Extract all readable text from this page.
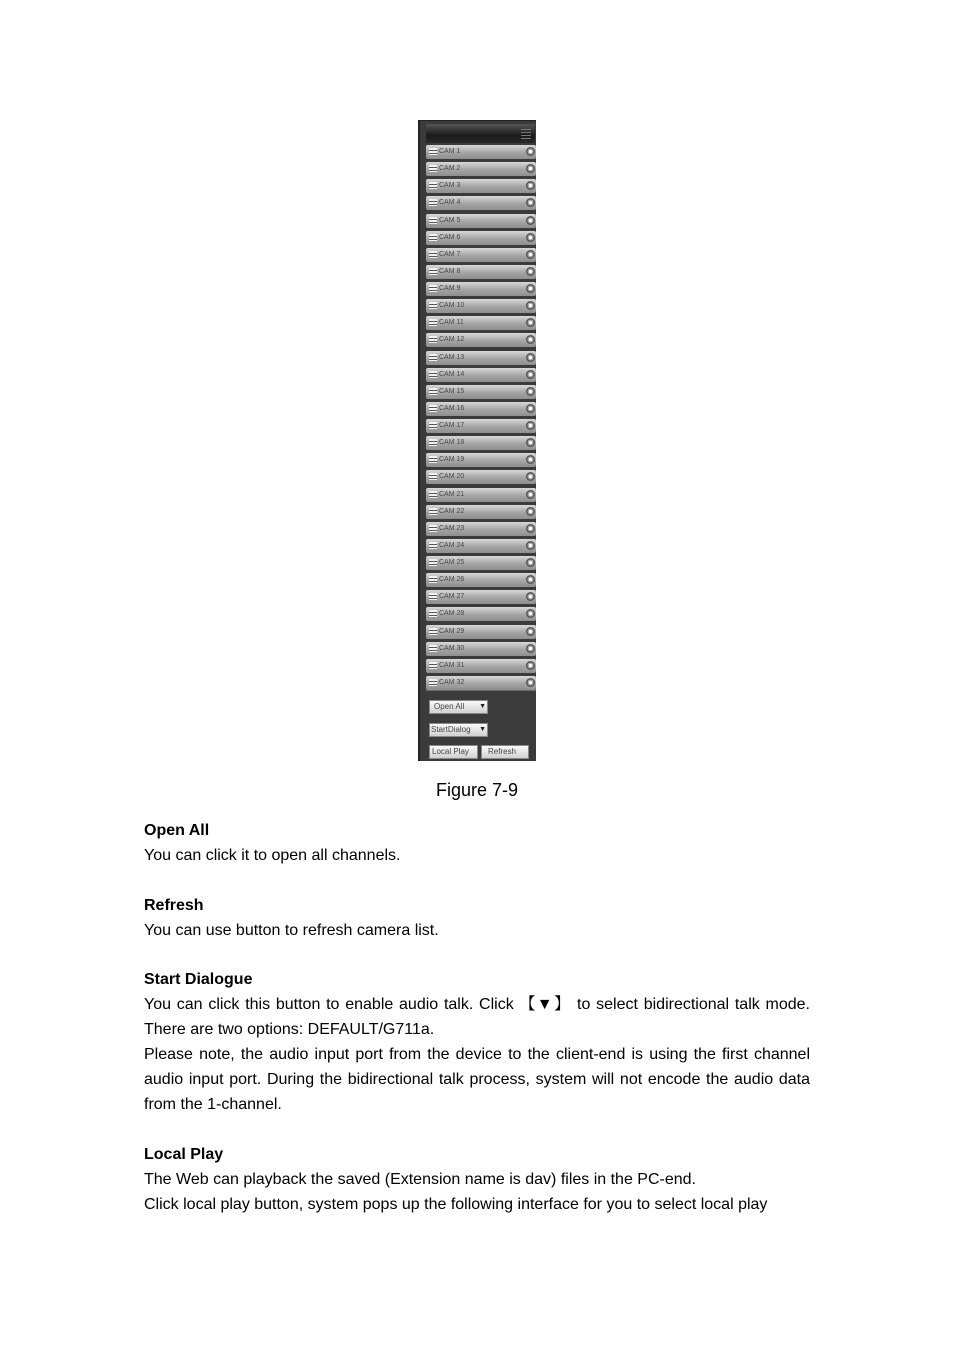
CAM 1
CAM 2
CAM 3
CAM 4
CAM 5
CAM 6
CAM 7
CAM 8
CAM 9
CAM 10
CAM 11
CAM 12
CAM 13
CAM 14
CAM 15
CAM 16
CAM 17
CAM 18
CAM 19
CAM 20
CAM 21
CAM 22
CAM 23
CAM 24
CAM 25
CAM 26
CAM 27
CAM 28
CAM 29
CAM 30
CAM 31
CAM 32
Open All ▼
StartDialog ▼
Local Play	Refresh
Figure 7-9
Open All

You can click it to open all channels.

Refresh

You can use button to refresh camera list.

Start Dialogue

You can click this button to enable audio talk. Click 【▼】 to select bidirectional talk mode. There are two options: DEFAULT/G711a.

Please note, the audio input port from the device to the client-end is using the first channel audio input port. During the bidirectional talk process, system will not encode the audio data from the 1-channel.

Local Play

The Web can playback the saved (Extension name is dav) files in the PC-end.

Click local play button, system pops up the following interface for you to select local play
